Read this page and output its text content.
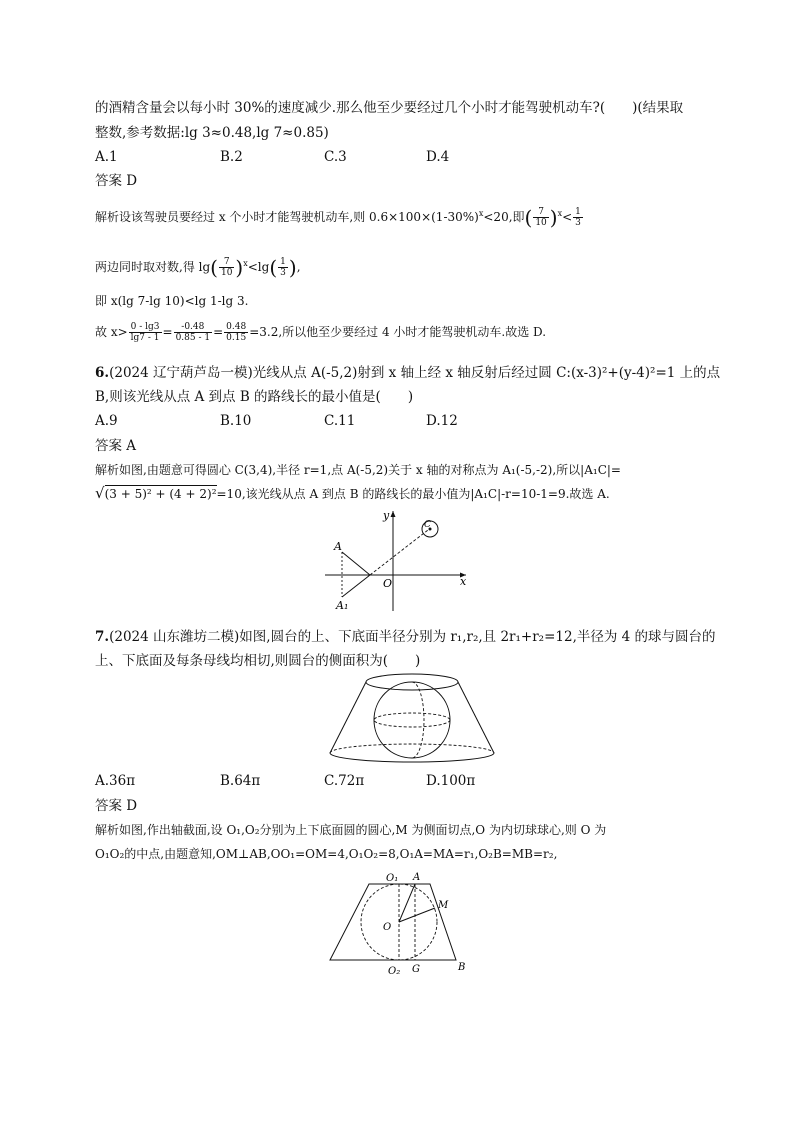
的酒精含量会以每小时 30%的速度减少.那么他至少要经过几个小时才能驾驶机动车?(　　)(结果取
整数,参考数据:lg 3≈0.48,lg 7≈0.85)
A.1	B.2	C.3	D.4
答案 D
解析设该驾驶员要经过 x 个小时才能驾驶机动车,则 $0.6\times 100\times(1-30\%)^x<20$,即( $\frac{7}{10} )^x< \frac{1}{3}$
两边同时取对数,得 $\lg( \frac{7}{10} )^x<\lg( \frac{1}{3}$ ),
即 x(lg 7-lg 10)<lg 1-lg 3.
故 $x> \frac{0 - \lg 3}{\lg 7 - 1} = \frac{-0.48}{0.85 - 1} = \frac{0.48}{0.15} =3.2$,所以他至少要经过 4 小时才能驾驶机动车.故选 D.
6.(2024 辽宁葫芦岛一模)光线从点 A(-5,2)射到 x 轴上经 x 轴反射后经过圆 C:(x-3)²+(y-4)²=1 上的点
B,则该光线从点 A 到点 B 的路线长的最小值是(　　)
A.9	B.10	C.11	D.12
答案 A
解析如图,由题意可得圆心 C(3,4),半径 r=1,点 A(-5,2)关于 x 轴的对称点为 A₁(-5,-2),所以|A₁C|=
√(3 + 5)² + (4 + 2)²=10,该光线从点 A 到点 B 的路线长的最小值为|A₁C|-r=10-1=9.故选 A.
y
x
O
A
A₁
C
7.(2024 山东潍坊二模)如图,圆台的上、下底面半径分别为 r₁,r₂,且 2r₁+r₂=12,半径为 4 的球与圆台的
上、下底面及每条母线均相切,则圆台的侧面积为(　　)
A.36π	B.64π	C.72π	D.100π
答案 D
解析如图,作出轴截面,设 O₁,O₂分别为上下底面圆的圆心,M 为侧面切点,O 为内切球球心,则 O 为
O₁O₂的中点,由题意知,OM⊥AB,OO₁=OM=4,O₁O₂=8,O₁A=MA=r₁,O₂B=MB=r₂,
O₁ A
M
O
O₂ G	B
